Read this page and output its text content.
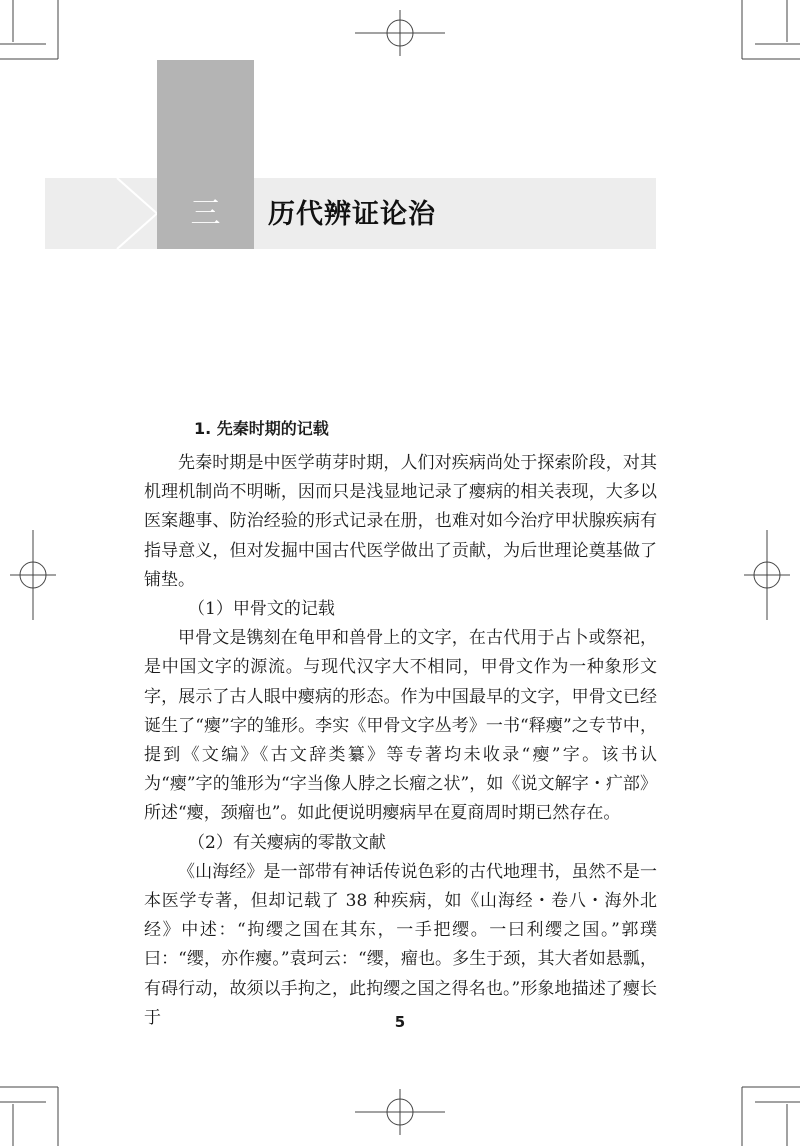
三	历代辨证论治

1. 先秦时期的记载

先秦时期是中医学萌芽时期，人们对疾病尚处于探索阶段，对其机理机制尚不明晰，因而只是浅显地记录了瘿病的相关表现，大多以医案趣事、防治经验的形式记录在册，也难对如今治疗甲状腺疾病有指导意义，但对发掘中国古代医学做出了贡献，为后世理论奠基做了铺垫。

（1）甲骨文的记载

甲骨文是镌刻在龟甲和兽骨上的文字，在古代用于占卜或祭祀，是中国文字的源流。与现代汉字大不相同，甲骨文作为一种象形文字，展示了古人眼中瘿病的形态。作为中国最早的文字，甲骨文已经诞生了“瘿”字的雏形。李实《甲骨文字丛考》一书“释瘿”之专节中，提到《文编》《古文辞类纂》等专著均未收录“瘿”字。该书认为“瘿”字的雏形为“字当像人脖之长瘤之状”，如《说文解字・疒部》所述“瘿，颈瘤也”。如此便说明瘿病早在夏商周时期已然存在。

（2）有关瘿病的零散文献

《山海经》是一部带有神话传说色彩的古代地理书，虽然不是一本医学专著，但却记载了 38 种疾病，如《山海经・卷八・海外北经》中述：“拘缨之国在其东，一手把缨。一曰利缨之国。”郭璞曰：“缨，亦作瘿。”袁珂云：“缨，瘤也。多生于颈，其大者如悬瓢，有碍行动，故须以手拘之，此拘缨之国之得名也。”形象地描述了瘿长于	5
